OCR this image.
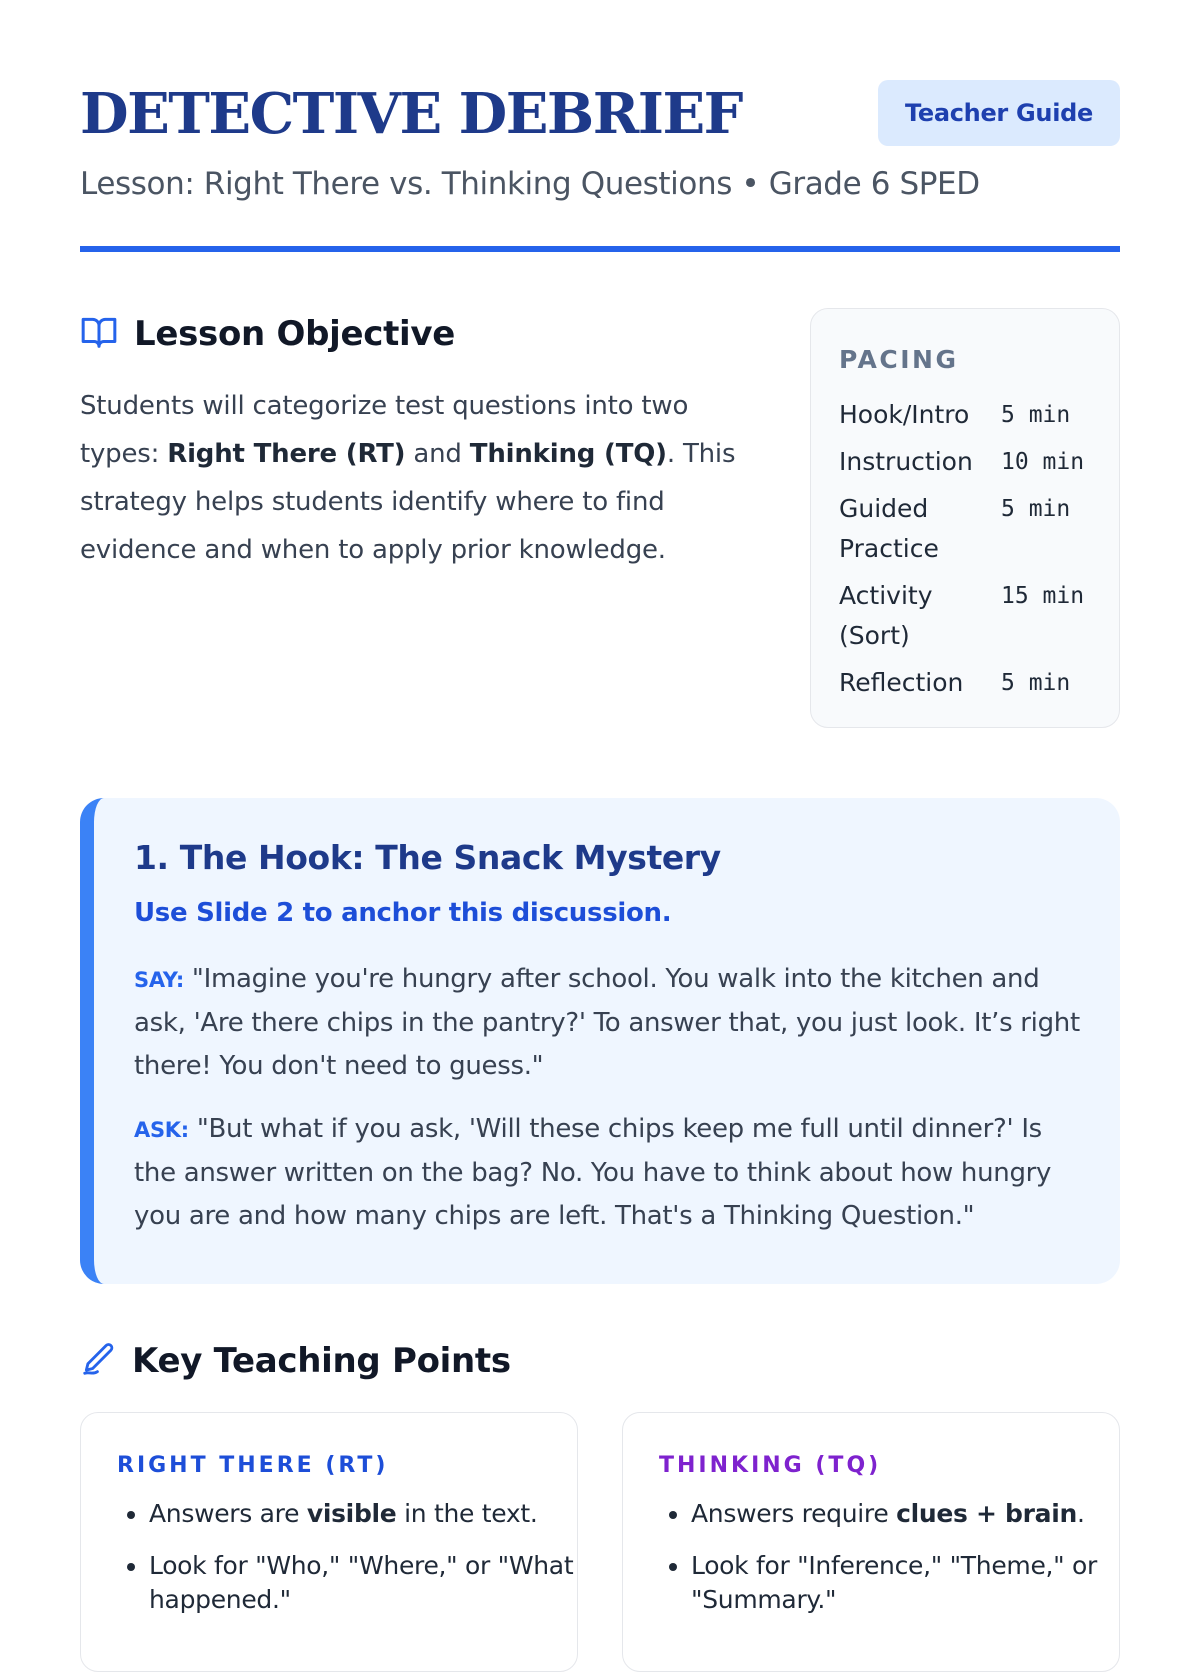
DETECTIVE DEBRIEF	Teacher Guide

Lesson: Right There vs. Thinking Questions • Grade 6 SPED

Lesson Objective

Students will categorize test questions into two types: Right There (RT) and Thinking (TQ). This strategy helps students identify where to find evidence and when to apply prior knowledge.

PACING

Hook/Intro	5 min
Instruction	10 min
Guided Practice	5 min
Activity (Sort)	15 min
Reflection	5 min
1. The Hook: The Snack Mystery

Use Slide 2 to anchor this discussion.

SAY: "Imagine you're hungry after school. You walk into the kitchen and ask, 'Are there chips in the pantry?' To answer that, you just look. It’s right there! You don't need to guess."

ASK: "But what if you ask, 'Will these chips keep me full until dinner?' Is the answer written on the bag? No. You have to think about how hungry you are and how many chips are left. That's a Thinking Question."

Key Teaching Points

RIGHT THERE (RT)

• Answers are visible in the text.
• Look for "Who," "Where," or "What happened."

THINKING (TQ)

• Answers require clues + brain.
• Look for "Inference," "Theme," or "Summary."
